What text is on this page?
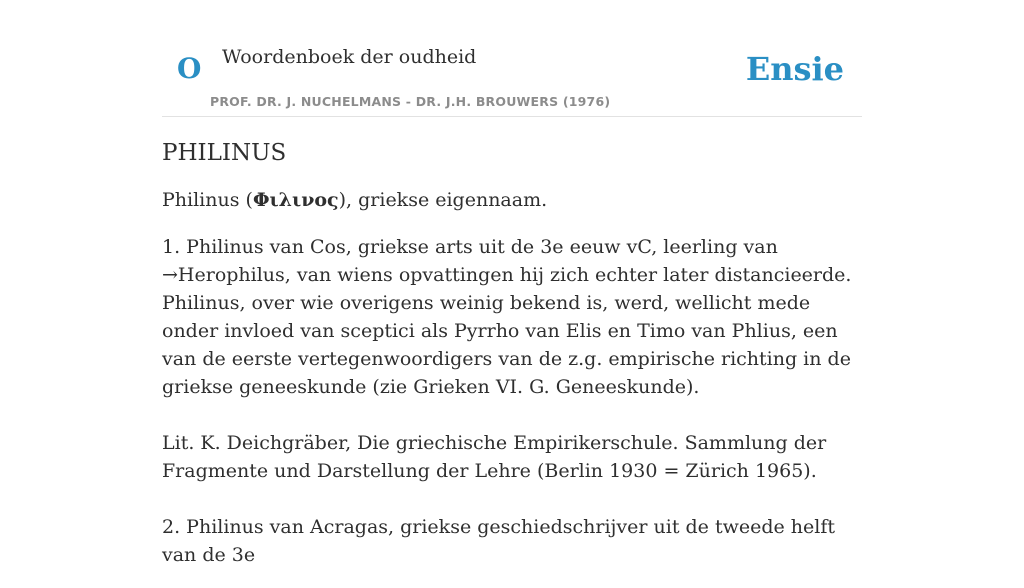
O Woordenboek der oudheid
PROF. DR. J. NUCHELMANS - DR. J.H. BROUWERS (1976)
Ensie
PHILINUS

Philinus (Φιλινος), griekse eigennaam.

1. Philinus van Cos, griekse arts uit de 3e eeuw vC, leerling van →Herophilus, van wiens opvattingen hij zich echter later distancieerde. Philinus, over wie overigens weinig bekend is, werd, wellicht mede onder invloed van sceptici als Pyrrho van Elis en Timo van Phlius, een van de eerste vertegenwoordigers van de z.g. empirische richting in de griekse geneeskunde (zie Grieken VI. G. Geneeskunde).

Lit. K. Deichgräber, Die griechische Empirikerschule. Sammlung der Fragmente und Darstellung der Lehre (Berlin 1930 = Zürich 1965).

2. Philinus van Acragas, griekse geschiedschrijver uit de tweede helft van de 3e
